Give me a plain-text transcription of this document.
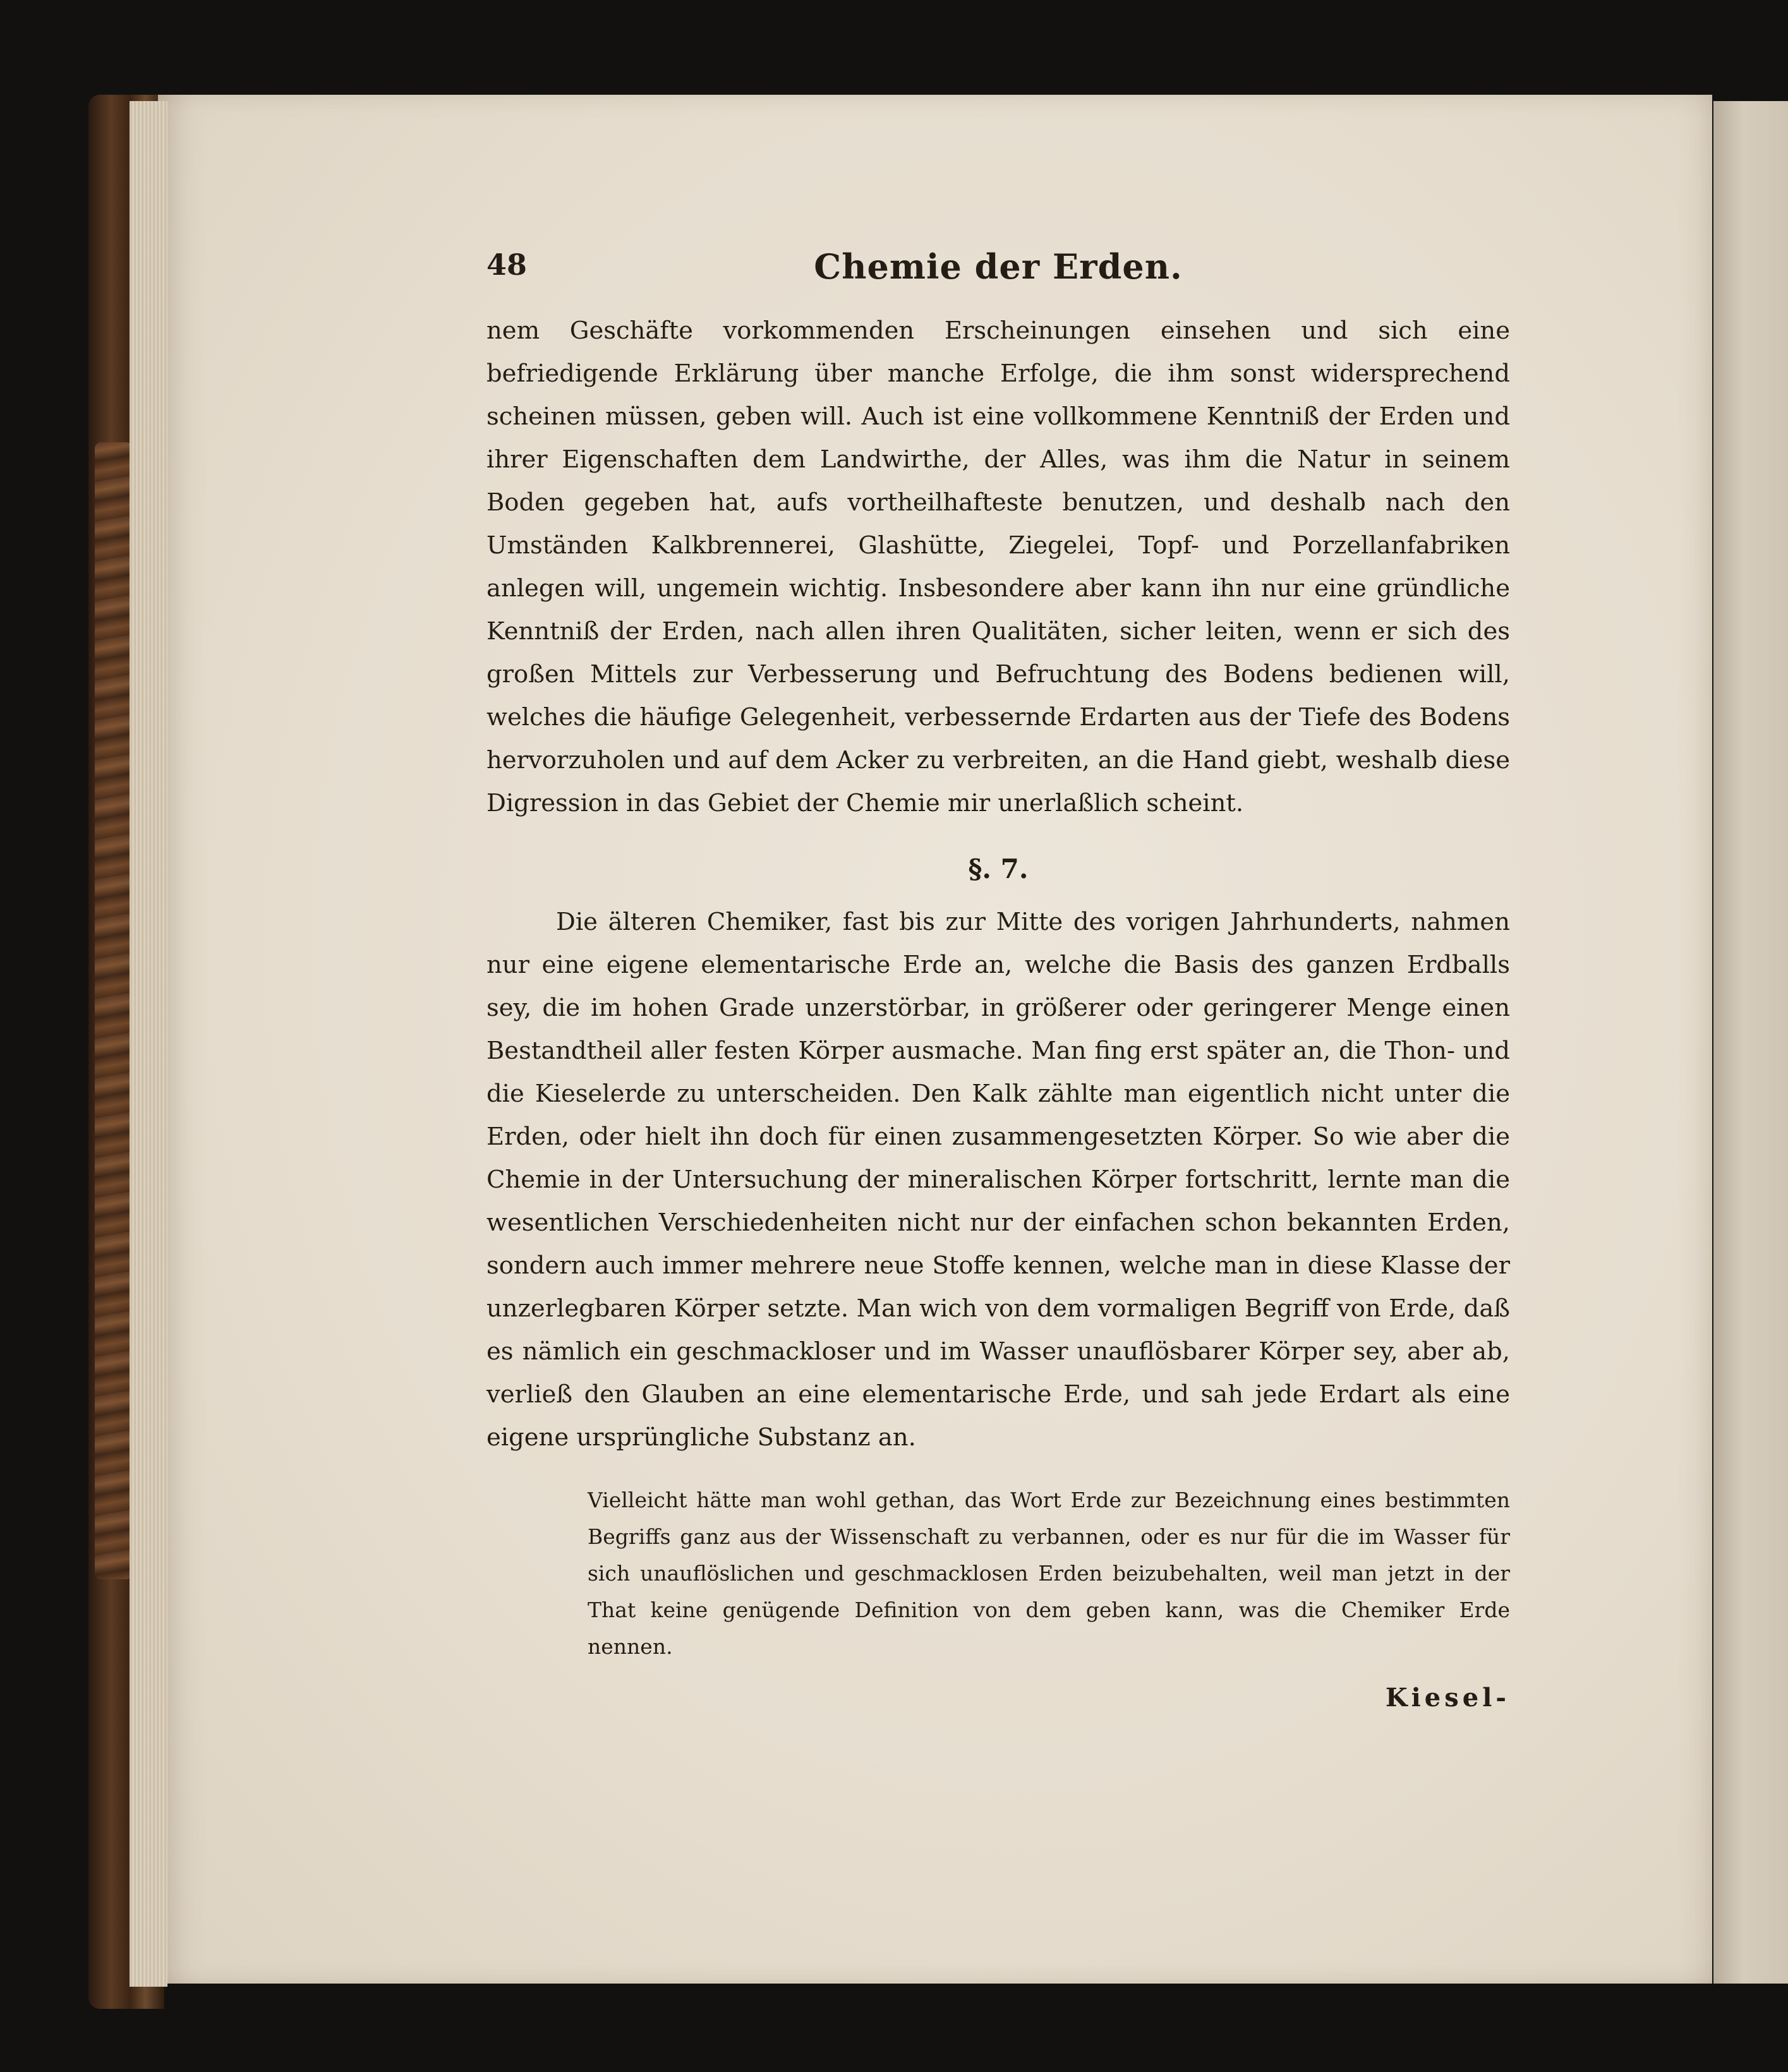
48	Chemie der Erden.

nem Geschäfte vorkommenden Erscheinungen einsehen und sich eine befriedigende Erklärung über manche Erfolge, die ihm sonst widersprechend scheinen müssen, geben will. Auch ist eine vollkommene Kenntniß der Erden und ihrer Eigenschaften dem Landwirthe, der Alles, was ihm die Natur in seinem Boden gegeben hat, aufs vortheilhafteste benutzen, und deshalb nach den Umständen Kalkbrennerei, Glashütte, Ziegelei, Topf- und Porzellanfabriken anlegen will, ungemein wichtig. Insbesondere aber kann ihn nur eine gründliche Kenntniß der Erden, nach allen ihren Qualitäten, sicher leiten, wenn er sich des großen Mittels zur Verbesserung und Befruchtung des Bodens bedienen will, welches die häufige Gelegenheit, verbessernde Erdarten aus der Tiefe des Bodens hervorzuholen und auf dem Acker zu verbreiten, an die Hand giebt, weshalb diese Digression in das Gebiet der Chemie mir unerlaßlich scheint.

§. 7.

Die älteren Chemiker, fast bis zur Mitte des vorigen Jahrhunderts, nahmen nur eine eigene elementarische Erde an, welche die Basis des ganzen Erdballs sey, die im hohen Grade unzerstörbar, in größerer oder geringerer Menge einen Bestandtheil aller festen Körper ausmache. Man fing erst später an, die Thon- und die Kieselerde zu unterscheiden. Den Kalk zählte man eigentlich nicht unter die Erden, oder hielt ihn doch für einen zusammengesetzten Körper. So wie aber die Chemie in der Untersuchung der mineralischen Körper fortschritt, lernte man die wesentlichen Verschiedenheiten nicht nur der einfachen schon bekannten Erden, sondern auch immer mehrere neue Stoffe kennen, welche man in diese Klasse der unzerlegbaren Körper setzte. Man wich von dem vormaligen Begriff von Erde, daß es nämlich ein geschmackloser und im Wasser unauflösbarer Körper sey, aber ab, verließ den Glauben an eine elementarische Erde, und sah jede Erdart als eine eigene ursprüngliche Substanz an.

Vielleicht hätte man wohl gethan, das Wort Erde zur Bezeichnung eines bestimmten Begriffs ganz aus der Wissenschaft zu verbannen, oder es nur für die im Wasser für sich unauflöslichen und geschmacklosen Erden beizubehalten, weil man jetzt in der That keine genügende Definition von dem geben kann, was die Chemiker Erde nennen.

Kiesel-
